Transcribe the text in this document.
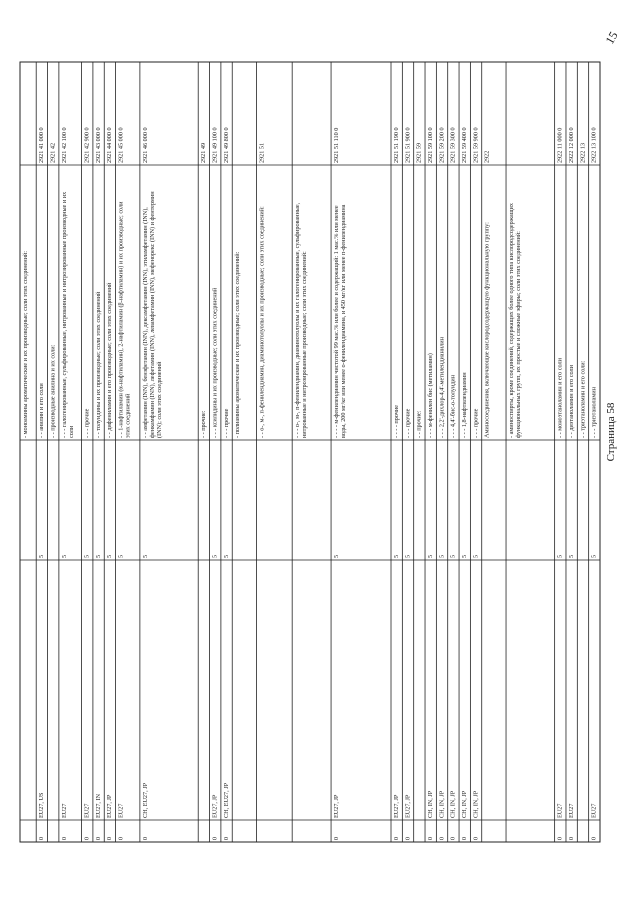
Страница 58
15
- моноамины ароматические и их производные; соли этих соединений:
2921 41 000 0
- - анилин и его соли
5
EU27, US
0
2921 42
- - производные анилина и их соли:
2921 42 100 0
- - - галогенированные, сульфированные, нитрованные и нитрозированные производные и их соли
5
EU27
0
2921 42 900 0
- - - прочие
5
EU27
0
2921 43 000 0
- - толуидины и их производные; соли этих соединений
5
EU27, IN
0
2921 44 000 0
- - дифениламин и его производные; соли этих соединений
5
EU27, JP
0
2921 45 000 0
- - 1-нафтиламин (α-нафтиламин), 2-нафтиламин (β-нафтиламин) и их производные; соли этих соединений
5
EU27
0
2921 46 000 0
- - амфетамин (INN), бензфетамин (INN), дексамфетамин (INN), этиламфетамин (INN), фенкамфамин (INN), лефетамин (INN), левамфетамин (INN), мефенорекс (INN) и фентермин (INN); соли этих соединений
5
CH, EU27, JP
0
2921 49
- - прочие:
2921 49 100 0
- - - ксилидины и их производные; соли этих соединений
5
EU27, JP
0
2921 49 800 0
- - - прочие
5
CH, EU27, JP
0
- полиамины ароматические и их производные; соли этих соединений:
2921 51
- - о-, м-, п-фенилендиамин, диаминотолуолы и их производные; соли этих соединений:	- - - о-, м-, п-фенилендиамин, диаминотолуолы и их галогенированные, сульфированные, нитрованные и нитрозированные производные; соли этих соединений:
2921 51 110 0
- - - - м-фенилендиамин чистотой 99 мас.% или более и содержащий: 1 мас.% или менее воды, 200 мг/кг или менее о-фенилендиамина, и 450 мг/кг или менее п-фенилендиамина
5
EU27, JP
0
2921 51 190 0
- - - - прочие
5
EU27, JP
0
2921 51 900 0
- - - прочие
5
EU27, JP
0
2921 59
- - прочие:
2921 59 100 0
- - - м-фенилен бис (метиламин)
5
CH, IN, JP
0
2921 59 200 0
- - - 2,2'-дихлор-4,4'-метилендианилин
5
CH, IN, JP
0
2921 59 300 0
- - - 4,4'-бис-о-толуидин
5
CH, IN, JP
0
2921 59 400 0
- - - 1,8-нафтилендиамин
5
CH, IN, JP
0
2921 59 900 0
- - - прочие
5
CH, IN, JP
0
2922
Аминосоединения, включающие кислородсодержащую функциональную группу:	- аминоспирты, кроме соединений, содержащих более одного типа кислородсодержащих функциональных групп, их простые и сложные эфиры; соли этих соединений:
2922 11 000 0
- - моноэтаноламин и его соли
5
EU27
0
2922 12 000 0
- - диэтаноламин и его соли
5
EU27
0
2922 13
- - триэтаноламин и его соли:
2922 13 100 0
- - - триэтаноламин
5
EU27
0
